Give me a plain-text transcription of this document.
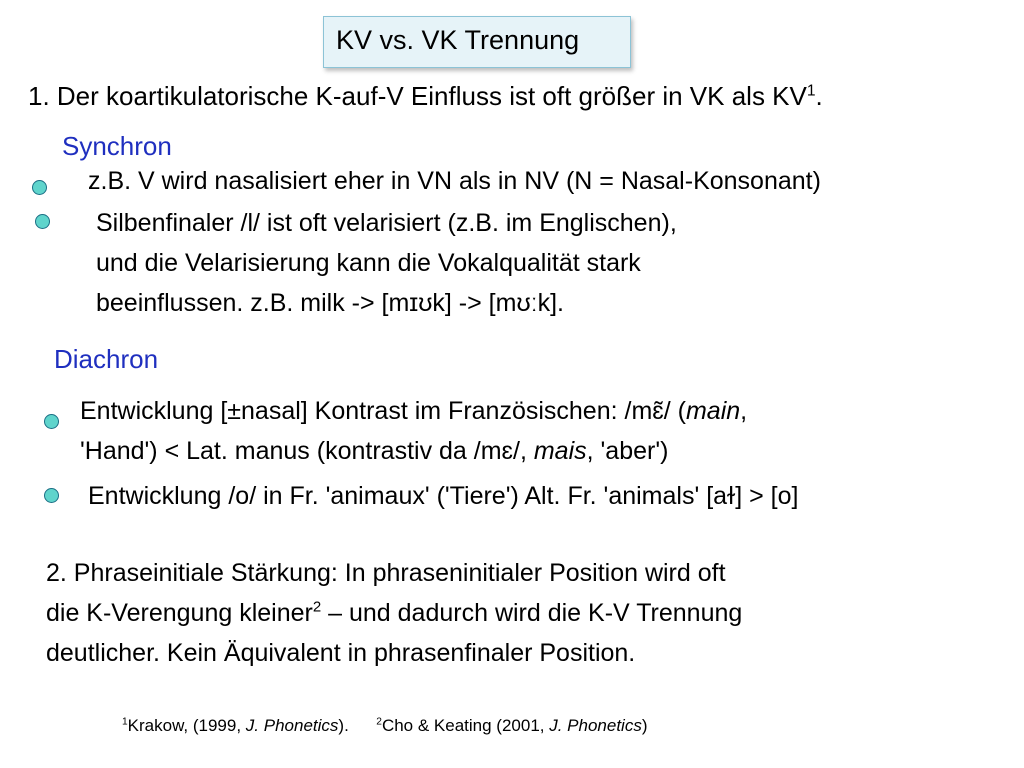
KV vs. VK Trennung
1. Der koartikulatorische K-auf-V Einfluss ist oft größer in VK als $KV^1$.
Synchron
z.B. V wird nasalisiert eher in VN als in NV (N = Nasal-Konsonant)
Silbenfinaler /l/ ist oft velarisiert (z.B. im Englischen),
und die Velarisierung kann die Vokalqualität stark
beeinflussen. z.B. milk -> [mɪʊk] -> [mʊːk].
Diachron
Entwicklung [±nasal] Kontrast im Französischen: /mɛ̃/ (main,
'Hand') < Lat. manus (kontrastiv da /mɛ/, mais, 'aber')
Entwicklung /o/ in Fr. 'animaux' ('Tiere') Alt. Fr. 'animals' [aɫ] > [o]
2. Phraseinitiale Stärkung: In phraseninitialer Position wird oft
die K-Verengung kleiner$^2$ – und dadurch wird die K-V Trennung
deutlicher. Kein Äquivalent in phrasenfinaler Position.
$^1$Krakow, (1999, J. Phonetics).	$^2$Cho & Keating (2001, J. Phonetics)
